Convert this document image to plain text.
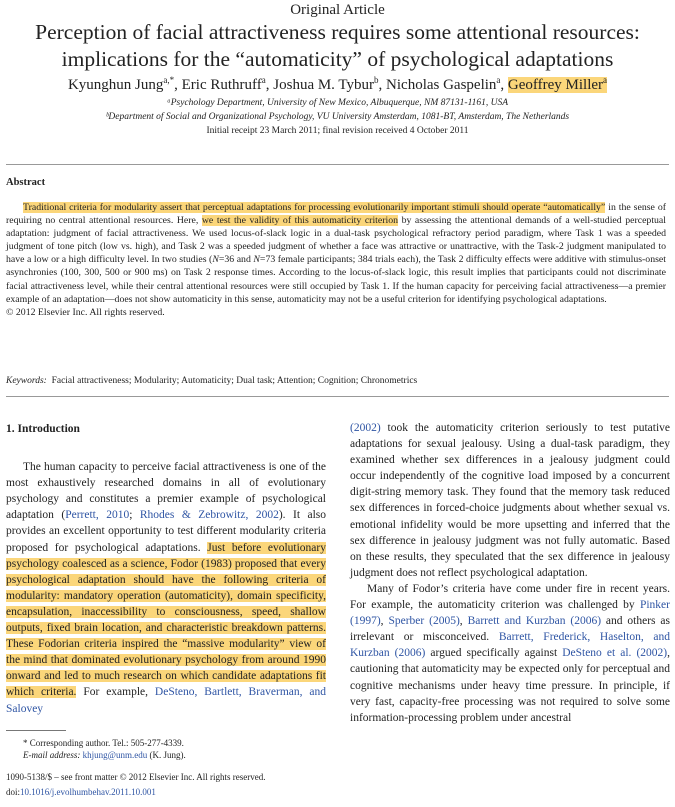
Original Article
Perception of facial attractiveness requires some attentional resources:
implications for the “automaticity” of psychological adaptations
Kyunghun Jung$^{a,*}$, Eric Ruthruff$^a$, Joshua M. Tybur$^b$, Nicholas Gaspelin$^a$, Geoffrey Miller$^a$
ᵃPsychology Department, University of New Mexico, Albuquerque, NM 87131-1161, USA
ᵇDepartment of Social and Organizational Psychology, VU University Amsterdam, 1081-BT, Amsterdam, The Netherlands
Initial receipt 23 March 2011; final revision received 4 October 2011
Abstract

Traditional criteria for modularity assert that perceptual adaptations for processing evolutionarily important stimuli should operate “automatically” in the sense of requiring no central attentional resources. Here, we test the validity of this automaticity criterion by assessing the attentional demands of a well-studied perceptual adaptation: judgment of facial attractiveness. We used locus-of-slack logic in a dual-task psychological refractory period paradigm, where Task 1 was a speeded judgment of tone pitch (low vs. high), and Task 2 was a speeded judgment of whether a face was attractive or unattractive, with the Task-2 judgment manipulated to have a low or a high difficulty level. In two studies (N=36 and N=73 female participants; 384 trials each), the Task 2 difficulty effects were additive with stimulus-onset asynchronies (100, 300, 500 or 900 ms) on Task 2 response times. According to the locus-of-slack logic, this result implies that participants could not discriminate facial attractiveness level, while their central attentional resources were still occupied by Task 1. If the human capacity for perceiving facial attractiveness—a premier example of an adaptation—does not show automaticity in this sense, automaticity may not be a useful criterion for identifying psychological adaptations.

© 2012 Elsevier Inc. All rights reserved.

Keywords: Facial attractiveness; Modularity; Automaticity; Dual task; Attention; Cognition; Chronometrics

1. Introduction

The human capacity to perceive facial attractiveness is one of the most exhaustively researched domains in all of evolutionary psychology and constitutes a premier example of psychological adaptation (Perrett, 2010; Rhodes & Zebrowitz, 2002). It also provides an excellent opportunity to test different modularity criteria proposed for psychological adaptations. Just before evolutionary psychology coalesced as a science, Fodor (1983) proposed that every psychological adaptation should have the following criteria of modularity: mandatory operation (automaticity), domain specificity, encapsulation, inaccessibility to consciousness, speed, shallow outputs, fixed brain location, and characteristic breakdown patterns. These Fodorian criteria inspired the “massive modularity” view of the mind that dominated evolutionary psychology from around 1990 onward and led to much research on which candidate adaptations fit which criteria. For example, DeSteno, Bartlett, Braverman, and Salovey

(2002) took the automaticity criterion seriously to test putative adaptations for sexual jealousy. Using a dual-task paradigm, they examined whether sex differences in a jealousy judgment could occur independently of the cognitive load imposed by a concurrent digit-string memory task. They found that the memory task reduced sex differences in forced-choice judgments about whether sexual vs. emotional infidelity would be more upsetting and inferred that the sex difference in jealousy judgment was not fully automatic. Based on these results, they speculated that the sex difference in jealousy judgment does not reflect psychological adaptation.

Many of Fodor’s criteria have come under fire in recent years. For example, the automaticity criterion was challenged by Pinker (1997), Sperber (2005), Barrett and Kurzban (2006) and others as irrelevant or misconceived. Barrett, Frederick, Haselton, and Kurzban (2006) argued specifically against DeSteno et al. (2002), cautioning that automaticity may be expected only for perceptual and cognitive mechanisms under heavy time pressure. In principle, if very fast, capacity-free processing was not required to solve some information-processing problem under ancestral

* Corresponding author. Tel.: 505-277-4339.
E-mail address: khjung@unm.edu (K. Jung).
1090-5138/$ – see front matter © 2012 Elsevier Inc. All rights reserved.
doi:10.1016/j.evolhumbehav.2011.10.001
